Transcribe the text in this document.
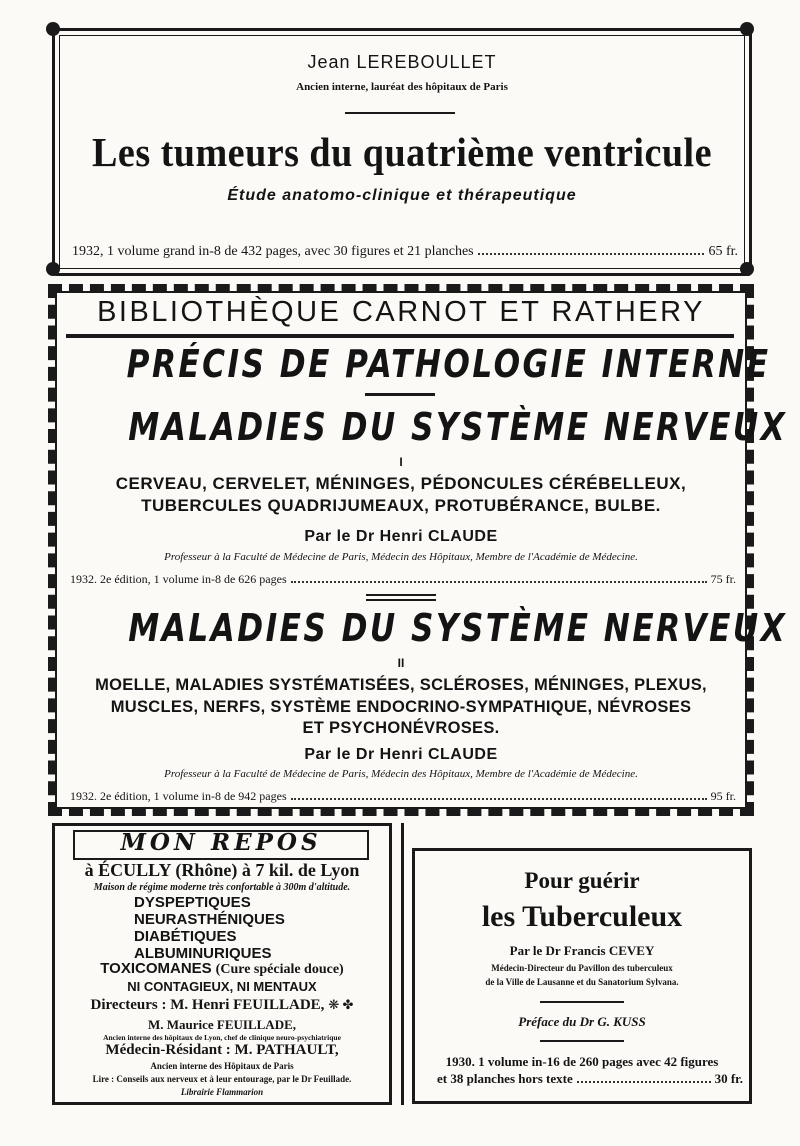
Jean LEREBOULLET
Ancien interne, lauréat des hôpitaux de Paris
Les tumeurs du quatrième ventricule
Étude anatomo-clinique et thérapeutique
1932, 1 volume grand in-8 de 432 pages, avec 30 figures et 21 planches	65 fr.
BIBLIOTHÈQUE CARNOT ET RATHERY
PRÉCIS DE PATHOLOGIE INTERNE
MALADIES DU SYSTÈME NERVEUX
I
CERVEAU, CERVELET, MÉNINGES, PÉDONCULES CÉRÉBELLEUX,
TUBERCULES QUADRIJUMEAUX, PROTUBÉRANCE, BULBE.
Par le Dr Henri CLAUDE
Professeur à la Faculté de Médecine de Paris, Médecin des Hôpitaux, Membre de l'Académie de Médecine.
1932. 2e édition, 1 volume in-8 de 626 pages	75 fr.
MALADIES DU SYSTÈME NERVEUX
II
MOELLE, MALADIES SYSTÉMATISÉES, SCLÉROSES, MÉNINGES, PLEXUS,
MUSCLES, NERFS, SYSTÈME ENDOCRINO-SYMPATHIQUE, NÉVROSES
ET PSYCHONÉVROSES.
Par le Dr Henri CLAUDE
Professeur à la Faculté de Médecine de Paris, Médecin des Hôpitaux, Membre de l'Académie de Médecine.
1932. 2e édition, 1 volume in-8 de 942 pages	95 fr.
MON REPOS
à ÉCULLY (Rhône) à 7 kil. de Lyon
Maison de régime moderne très confortable à 300m d'altitude.
DYSPEPTIQUES
NEURASTHÉNIQUES
DIABÉTIQUES
ALBUMINURIQUES
TOXICOMANES (Cure spéciale douce)
NI CONTAGIEUX, NI MENTAUX
Directeurs : M. Henri FEUILLADE, ❋ ✤
M. Maurice FEUILLADE,
Ancien interne des hôpitaux de Lyon, chef de clinique neuro-psychiatrique
Médecin-Résidant : M. PATHAULT,
Ancien interne des Hôpitaux de Paris
Lire : Conseils aux nerveux et à leur entourage, par le Dr Feuillade.
Librairie Flammarion
Pour guérir
les Tuberculeux
Par le Dr Francis CEVEY
Médecin-Directeur du Pavillon des tuberculeux
de la Ville de Lausanne et du Sanatorium Sylvana.
Préface du Dr G. KUSS
1930. 1 volume in-16 de 260 pages avec 42 figures
et 38 planches hors texte	30 fr.
